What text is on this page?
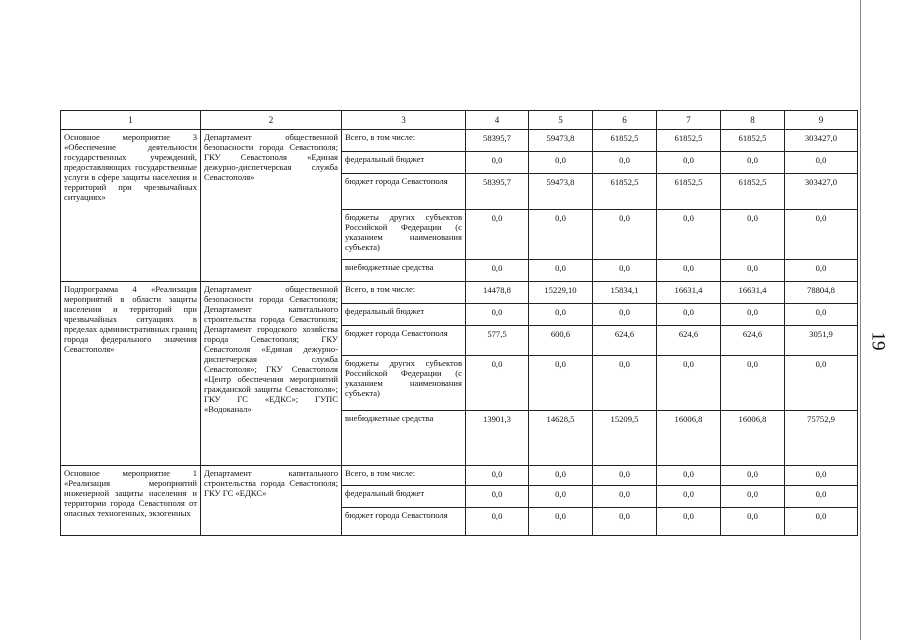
19
1	2	3	4	5	6	7	8	9
Основное мероприятие 3 «Обеспечение деятельности государственных учреждений, предоставляющих государственные услуги в сфере защиты населения и территорий при чрезвычайных ситуациях»	Департамент общественной безопасности города Севастополя; ГКУ Севастополя «Единая дежурно-диспетчерская служба Севастополя»	Всего, в том числе:	58395,7	59473,8	61852,5	61852,5	61852,5	303427,0
		федеральный бюджет	0,0	0,0	0,0	0,0	0,0	0,0
		бюджет города Севастополя	58395,7	59473,8	61852,5	61852,5	61852,5	303427,0
		бюджеты других субъектов Российской Федерации (с указанием наименования субъекта)	0,0	0,0	0,0	0,0	0,0	0,0
		внебюджетные средства	0,0	0,0	0,0	0,0	0,0	0,0
Подпрограмма 4 «Реализация мероприятий в области защиты населения и территорий при чрезвычайных ситуациях в пределах административных границ города федерального значения Севастополя»	Департамент общественной безопасности города Севастополя; Департамент капитального строительства города Севастополя; Департамент городского хозяйства города Севастополя; ГКУ Севастополя «Единая дежурно-диспетчерская служба Севастополя»; ГКУ Севастополя «Центр обеспечения мероприятий гражданской защиты Севастополя»; ГКУ ГС «ЕДКС»; ГУПС «Водоканал»	Всего, в том числе:	14478,8	15229,10	15834,1	16631,4	16631,4	78804,8
		федеральный бюджет	0,0	0,0	0,0	0,0	0,0	0,0
		бюджет города Севастополя	577,5	600,6	624,6	624,6	624,6	3051,9
		бюджеты других субъектов Российской Федерации (с указанием наименования субъекта)	0,0	0,0	0,0	0,0	0,0	0,0
		внебюджетные средства	13901,3	14628,5	15209,5	16006,8	16006,8	75752,9
Основное мероприятие 1 «Реализация мероприятий инженерной защиты населения и территории города Севастополя от опасных техногенных, экзогенных	Департамент капитального строительства города Севастополя; ГКУ ГС «ЕДКС»	Всего, в том числе:	0,0	0,0	0,0	0,0	0,0	0,0
		федеральный бюджет	0,0	0,0	0,0	0,0	0,0	0,0
		бюджет города Севастополя	0,0	0,0	0,0	0,0	0,0	0,0
